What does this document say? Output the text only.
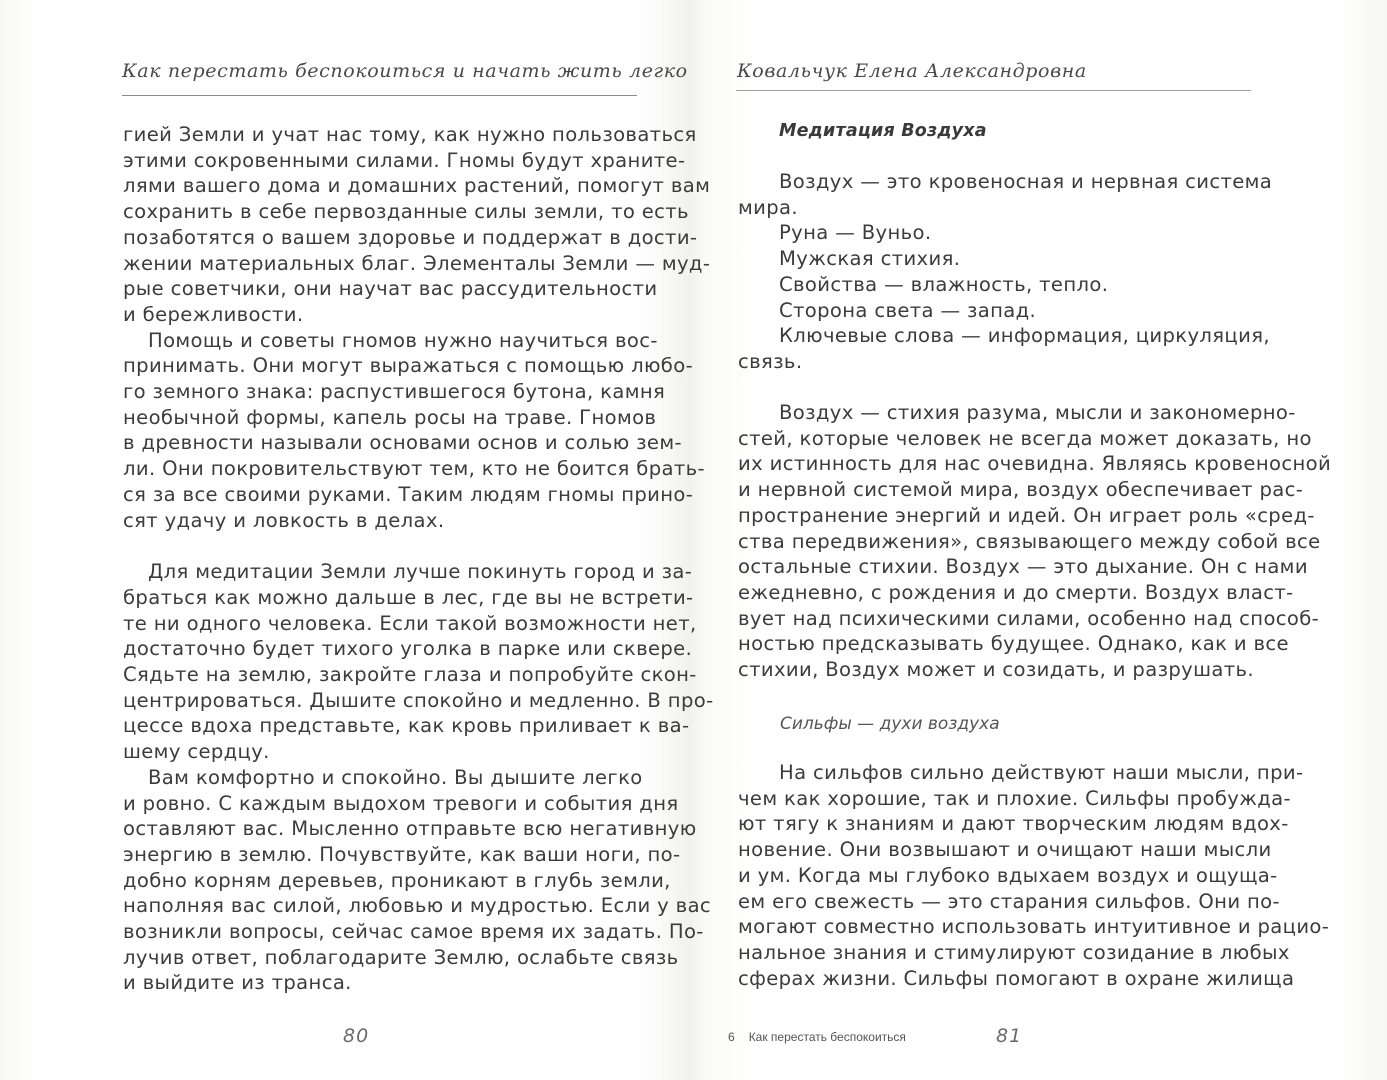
Как перестать беспокоиться и начать жить легко
гией Земли и учат нас тому, как нужно пользоваться
этими сокровенными силами. Гномы будут храните-
лями вашего дома и домашних растений, помогут вам
сохранить в себе первозданные силы земли, то есть
позаботятся о вашем здоровье и поддержат в дости-
жении материальных благ. Элементалы Земли — муд-
рые советчики, они научат вас рассудительности
и бережливости.
Помощь и советы гномов нужно научиться вос-
принимать. Они могут выражаться с помощью любо-
го земного знака: распустившегося бутона, камня
необычной формы, капель росы на траве. Гномов
в древности называли основами основ и солью зем-
ли. Они покровительствуют тем, кто не боится брать-
ся за все своими руками. Таким людям гномы прино-
сят удачу и ловкость в делах.
Для медитации Земли лучше покинуть город и за-
браться как можно дальше в лес, где вы не встрети-
те ни одного человека. Если такой возможности нет,
достаточно будет тихого уголка в парке или сквере.
Сядьте на землю, закройте глаза и попробуйте скон-
центрироваться. Дышите спокойно и медленно. В про-
цессе вдоха представьте, как кровь приливает к ва-
шему сердцу.
Вам комфортно и спокойно. Вы дышите легко
и ровно. С каждым выдохом тревоги и события дня
оставляют вас. Мысленно отправьте всю негативную
энергию в землю. Почувствуйте, как ваши ноги, по-
добно корням деревьев, проникают в глубь земли,
наполняя вас силой, любовью и мудростью. Если у вас
возникли вопросы, сейчас самое время их задать. По-
лучив ответ, поблагодарите Землю, ослабьте связь
и выйдите из транса.
80
Ковальчук Елена Александровна
Медитация Воздуха
Воздух — это кровеносная и нервная система
мира.
Руна — Вуньо.
Мужская стихия.
Свойства — влажность, тепло.
Сторона света — запад.
Ключевые слова — информация, циркуляция,
связь.
Воздух — стихия разума, мысли и закономерно-
стей, которые человек не всегда может доказать, но
их истинность для нас очевидна. Являясь кровеносной
и нервной системой мира, воздух обеспечивает рас-
пространение энергий и идей. Он играет роль «сред-
ства передвижения», связывающего между собой все
остальные стихии. Воздух — это дыхание. Он с нами
ежедневно, с рождения и до смерти. Воздух власт-
вует над психическими силами, особенно над способ-
ностью предсказывать будущее. Однако, как и все
стихии, Воздух может и созидать, и разрушать.
Сильфы — духи воздуха
На сильфов сильно действуют наши мысли, при-
чем как хорошие, так и плохие. Сильфы пробужда-
ют тягу к знаниям и дают творческим людям вдох-
новение. Они возвышают и очищают наши мысли
и ум. Когда мы глубоко вдыхаем воздух и ощуща-
ем его свежесть — это старания сильфов. Они по-
могают совместно использовать интуитивное и рацио-
нальное знания и стимулируют созидание в любых
сферах жизни. Сильфы помогают в охране жилища
6 Как перестать беспокоиться	81
